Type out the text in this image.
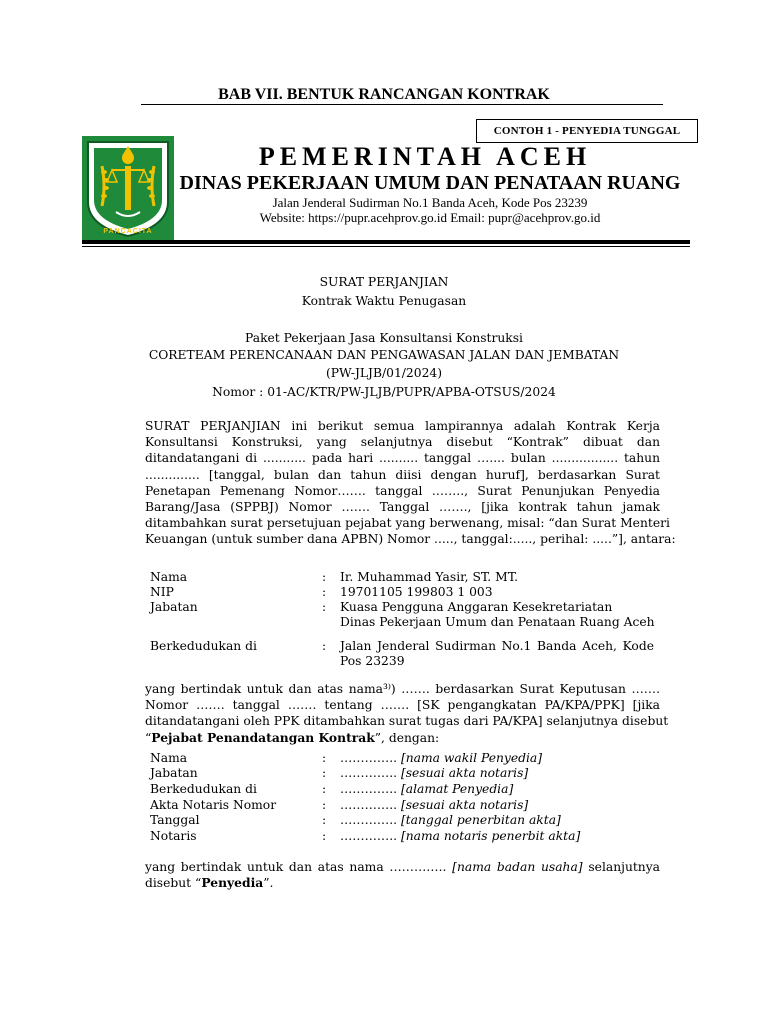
BAB VII. BENTUK RANCANGAN KONTRAK
CONTOH 1 - PENYEDIA TUNGGAL
PANCACITA
PEMERINTAH ACEH
DINAS PEKERJAAN UMUM DAN PENATAAN RUANG
Jalan Jenderal Sudirman No.1 Banda Aceh, Kode Pos 23239
Website: https://pupr.acehprov.go.id Email: pupr@acehprov.go.id
SURAT PERJANJIAN
Kontrak Waktu Penugasan
Paket Pekerjaan Jasa Konsultansi Konstruksi
CORETEAM PERENCANAAN DAN PENGAWASAN JALAN DAN JEMBATAN
(PW-JLJB/01/2024)
Nomor : 01-AC/KTR/PW-JLJB/PUPR/APBA-OTSUS/2024
SURAT PERJANJIAN ini berikut semua lampirannya adalah Kontrak Kerja
Konsultansi Konstruksi, yang selanjutnya disebut “Kontrak” dibuat dan
ditandatangani di ........... pada hari .......... tanggal ….... bulan ................. tahun
.............. [tanggal, bulan dan tahun diisi dengan huruf], berdasarkan Surat
Penetapan Pemenang Nomor……. tanggal …….., Surat Penunjukan Penyedia
Barang/Jasa (SPPBJ) Nomor ……. Tanggal ……., [jika kontrak tahun jamak
ditambahkan surat persetujuan pejabat yang berwenang, misal: “dan Surat Menteri
Keuangan (untuk sumber dana APBN) Nomor ....., tanggal:....., perihal: .....”], antara:
Nama	: Ir. Muhammad Yasir, ST. MT.
NIP	: 19701105 199803 1 003
Jabatan	: Kuasa Pengguna Anggaran Kesekretariatan
Dinas Pekerjaan Umum dan Penataan Ruang Aceh
Berkedudukan di	: Jalan Jenderal Sudirman No.1 Banda Aceh, Kode
Pos 23239
yang bertindak untuk dan atas nama³⁾) ……. berdasarkan Surat Keputusan …….
Nomor ……. tanggal ……. tentang ……. [SK pengangkatan PA/KPA/PPK] [jika
ditandatangani oleh PPK ditambahkan surat tugas dari PA/KPA] selanjutnya disebut
“Pejabat Penandatangan Kontrak”, dengan:
Nama	: ………….. [nama wakil Penyedia]
Jabatan	: ………….. [sesuai akta notaris]
Berkedudukan di	: ………….. [alamat Penyedia]
Akta Notaris Nomor	: ………….. [sesuai akta notaris]
Tanggal	: ………….. [tanggal penerbitan akta]
Notaris	: ………….. [nama notaris penerbit akta]
yang bertindak untuk dan atas nama ………….. [nama badan usaha] selanjutnya
disebut “Penyedia”.
